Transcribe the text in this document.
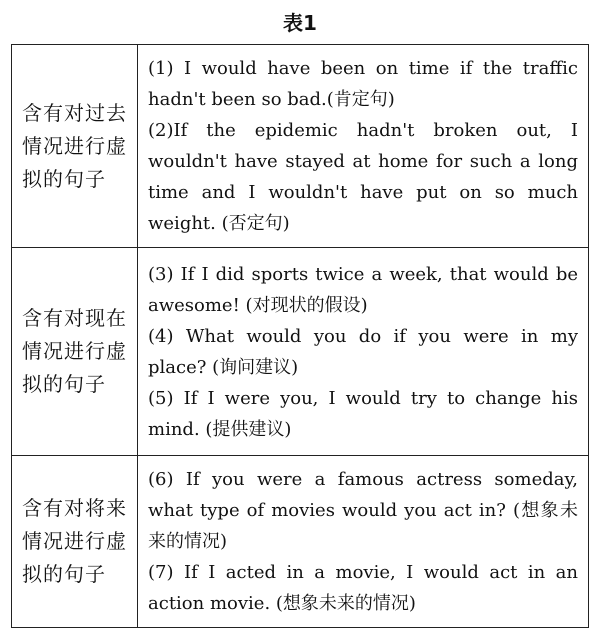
表1
含有对过去情况进行虚拟的句子	(1) I would have been on time if the traffic hadn't been so bad.(肯定句)
(2)If the epidemic hadn't broken out, I wouldn't have stayed at home for such a long time and I wouldn't have put on so much weight. (否定句)

含有对现在情况进行虚拟的句子	(3) If I did sports twice a week, that would be awesome! (对现状的假设)
(4) What would you do if you were in my place? (询问建议)
(5) If I were you, I would try to change his mind. (提供建议)

含有对将来情况进行虚拟的句子	(6) If you were a famous actress someday, what type of movies would you act in? (想象未来的情况)
(7) If I acted in a movie, I would act in an action movie. (想象未来的情况)
